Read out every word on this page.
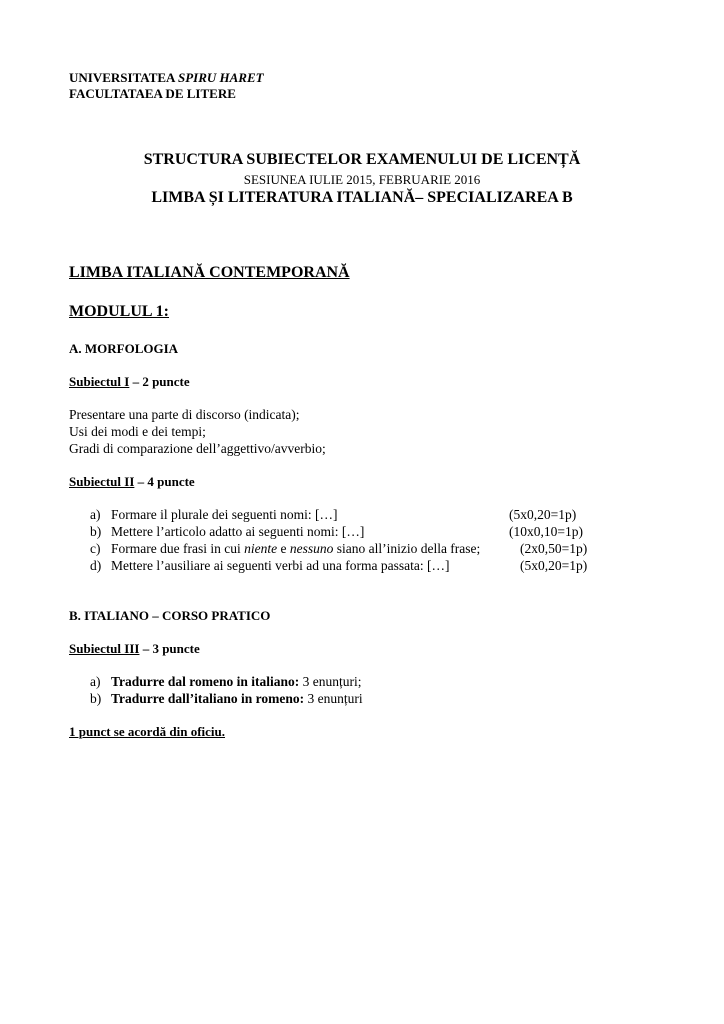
UNIVERSITATEA SPIRU HARET
FACULTATAEA DE LITERE
STRUCTURA SUBIECTELOR EXAMENULUI DE LICENȚĂ
SESIUNEA IULIE 2015, FEBRUARIE 2016
LIMBA ȘI LITERATURA ITALIANĂ– SPECIALIZAREA B
LIMBA ITALIANĂ CONTEMPORANĂ
MODULUL 1:
A. MORFOLOGIA
Subiectul I – 2 puncte
Presentare una parte di discorso (indicata);
Usi dei modi e dei tempi;
Gradi di comparazione dell’aggettivo/avverbio;
Subiectul II – 4 puncte
a) Formare il plurale dei seguenti nomi: […]	(5x0,20=1p)
b) Mettere l’articolo adatto ai seguenti nomi: […]	(10x0,10=1p)
c) Formare due frasi in cui niente e nessuno siano all’inizio della frase;	(2x0,50=1p)
d) Mettere l’ausiliare ai seguenti verbi ad una forma passata: […]	(5x0,20=1p)
B. ITALIANO – CORSO PRATICO
Subiectul III – 3 puncte
a) Tradurre dal romeno in italiano: 3 enunțuri;
b) Tradurre dall’italiano in romeno: 3 enunțuri
1 punct se acordă din oficiu.
